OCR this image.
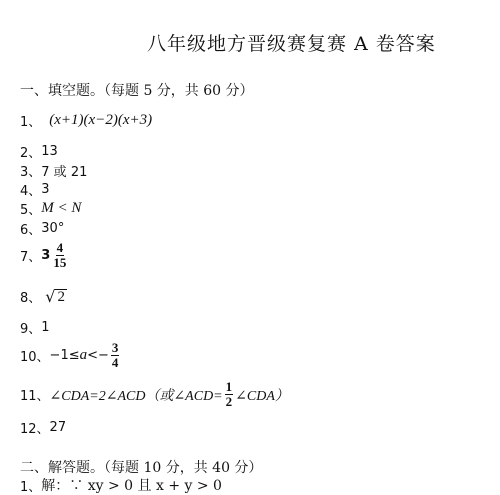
八年级地方晋级赛复赛 A 卷答案
一、填空题。（每题 5 分，共 60 分）
1、 (x+1)(x−2)(x+3)
2、 13
3、 7 或 21
4、 3
5、 M < N
6、 30°
7、 $3 \frac{4}{15}$
8、 √ 2
9、 1
10、 $-1\le a <- \frac{3}{4}$
11、 ∠CDA=2∠ACD（或∠ACD= $\frac{1}{2}$ ∠CDA）
12、 27
二、解答题。（每题 10 分，共 40 分）
1、 解：∵ xy > 0 且 x + y > 0
